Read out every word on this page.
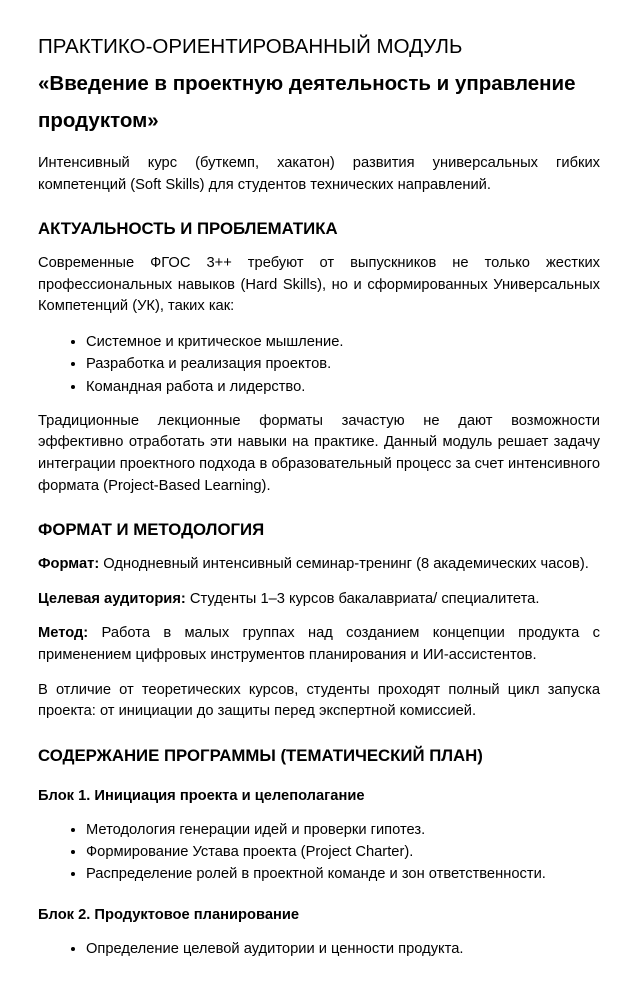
ПРАКТИКО-ОРИЕНТИРОВАННЫЙ МОДУЛЬ
«Введение в проектную деятельность и управление продуктом»

Интенсивный курс (буткемп, хакатон) развития универсальных гибких компетенций (Soft Skills) для студентов технических направлений.

АКТУАЛЬНОСТЬ И ПРОБЛЕМАТИКА

Современные ФГОС 3++ требуют от выпускников не только жестких профессиональных навыков (Hard Skills), но и сформированных Универсальных Компетенций (УК), таких как:

• Системное и критическое мышление.
• Разработка и реализация проектов.
• Командная работа и лидерство.

Традиционные лекционные форматы зачастую не дают возможности эффективно отработать эти навыки на практике. Данный модуль решает задачу интеграции проектного подхода в образовательный процесс за счет интенсивного формата (Project-Based Learning).

ФОРМАТ И МЕТОДОЛОГИЯ

Формат: Однодневный интенсивный семинар-тренинг (8 академических часов).

Целевая аудитория: Студенты 1–3 курсов бакалавриата/ специалитета.

Метод: Работа в малых группах над созданием концепции продукта с применением цифровых инструментов планирования и ИИ-ассистентов.

В отличие от теоретических курсов, студенты проходят полный цикл запуска проекта: от инициации до защиты перед экспертной комиссией.

СОДЕРЖАНИЕ ПРОГРАММЫ (ТЕМАТИЧЕСКИЙ ПЛАН)
Блок 1. Инициация проекта и целеполагание
• Методология генерации идей и проверки гипотез.
• Формирование Устава проекта (Project Charter).
• Распределение ролей в проектной команде и зон ответственности.
Блок 2. Продуктовое планирование
• Определение целевой аудитории и ценности продукта.
